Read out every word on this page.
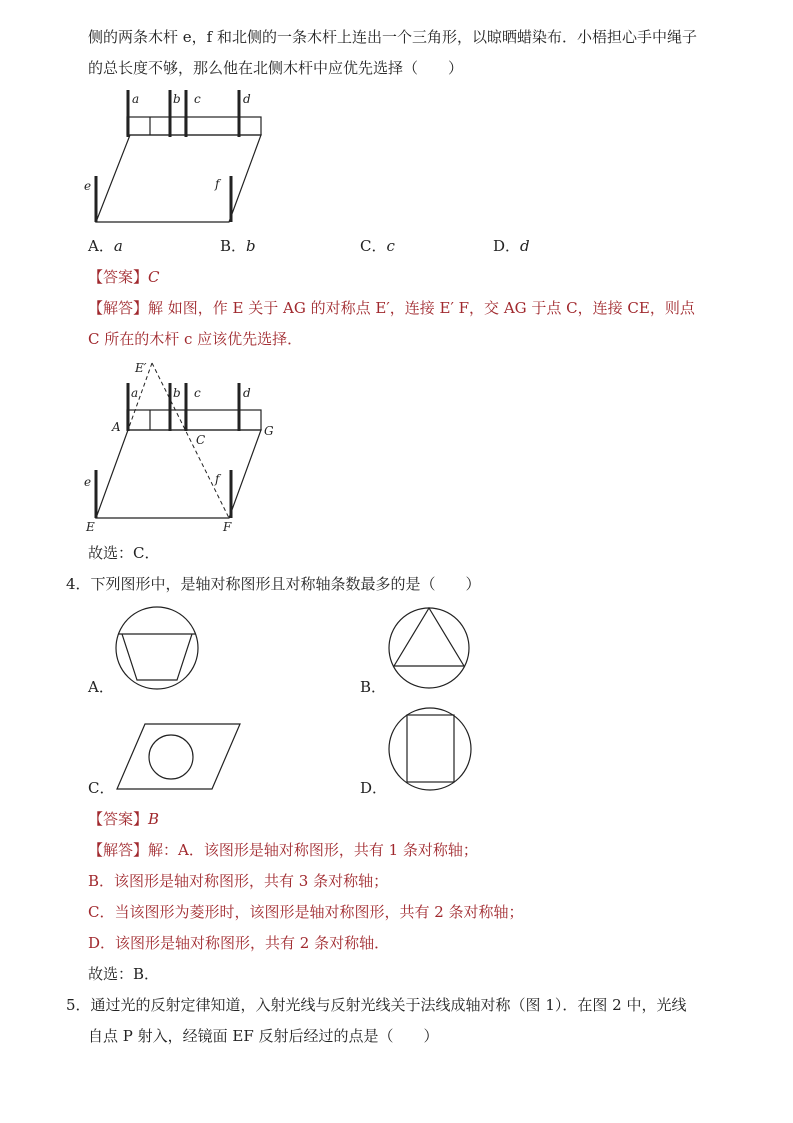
侧的两条木杆 e，f 和北侧的一条木杆上连出一个三角形，以晾晒蜡染布．小梧担心手中绳子
的总长度不够，那么他在北侧木杆中应优先选择（　　）
a	b c	d
e	f
A．a	B．b	C．c	D．d
【答案】C
【解答】解 如图，作 E 关于 AG 的对称点 E′，连接 E′ F，交 AG 于点 C，连接 CE，则点
C 所在的木杆 c 应该优先选择．
E′
a	b c	d
A
C
G
e	f
E	F
故选：C．
4．下列图形中，是轴对称图形且对称轴条数最多的是（　　）
A．	B．
C．	D．
【答案】B
【解答】解：A．该图形是轴对称图形，共有 1 条对称轴；
B．该图形是轴对称图形，共有 3 条对称轴；
C．当该图形为菱形时，该图形是轴对称图形，共有 2 条对称轴；
D．该图形是轴对称图形，共有 2 条对称轴．
故选：B．
5．通过光的反射定律知道，入射光线与反射光线关于法线成轴对称（图 1）．在图 2 中，光线
自点 P 射入，经镜面 EF 反射后经过的点是（　　）
